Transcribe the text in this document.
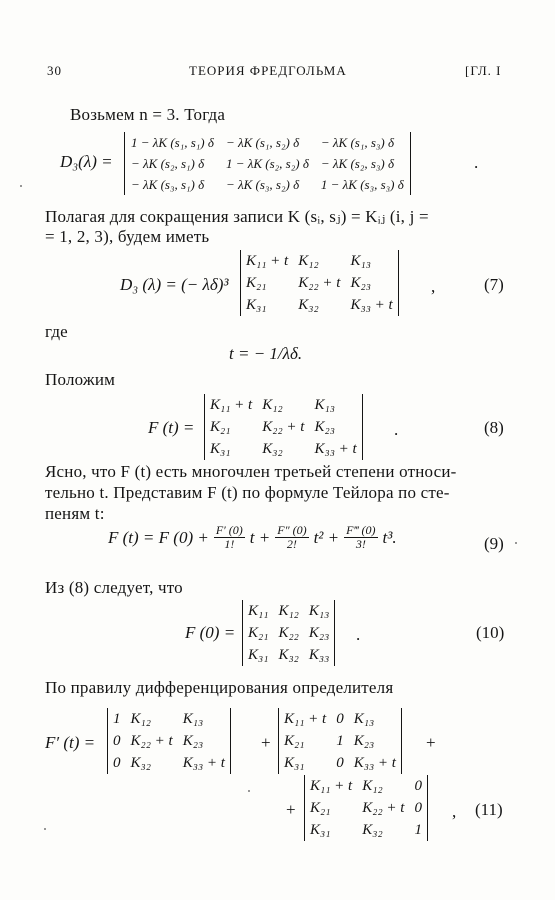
30	ТЕОРИЯ ФРЕДГОЛЬМА	[ГЛ. I
Возьмем n = 3. Тогда
D₃(λ) =
1 − λK (s₁, s₁) δ	− λK (s₁, s₂) δ	− λK (s₁, s₃) δ
− λK (s₂, s₁) δ	1 − λK (s₂, s₂) δ	− λK (s₂, s₃) δ
− λK (s₃, s₁) δ	− λK (s₃, s₂) δ	1 − λK (s₃, s₃) δ
.
Полагая для сокращения записи K (sᵢ, sⱼ) = Kᵢⱼ (i, j =
= 1, 2, 3), будем иметь
D₃ (λ) = (− λδ)³
K₁₁ + t	K₁₂	K₁₃
K₂₁	K₂₂ + t	K₂₃
K₃₁	K₃₂	K₃₃ + t
,	(7)
где
t = − 1/λδ.
Положим
F (t) =
K₁₁ + t	K₁₂	K₁₃
K₂₁	K₂₂ + t	K₂₃
K₃₁	K₃₂	K₃₃ + t
.	(8)
Ясно, что F (t) есть многочлен третьей степени относи-
тельно t. Представим F (t) по формуле Тейлора по сте-
пеням t:
F (t) = F $(0) + \frac{F' (0)}{1!}$ $t + \frac{F'' (0)}{2!} t^2 + \frac{F‴ (0)}{3!} t^3$.	(9)
Из (8) следует, что
F (0) =
K₁₁	K₁₂	K₁₃
K₂₁	K₂₂	K₂₃
K₃₁	K₃₂	K₃₃
.	(10)
По правилу дифференцирования определителя
F′ (t) =
1	K₁₂	K₁₃
0	K₂₂ + t	K₂₃
0	K₃₂	K₃₃ + t
+
K₁₁ + t	0	K₁₃
K₂₁	1	K₂₃
K₃₁	0	K₃₃ + t
+
+
K₁₁ + t	K₁₂	0
K₂₁	K₂₂ + t	0
K₃₁	K₃₂	1
, (11)
